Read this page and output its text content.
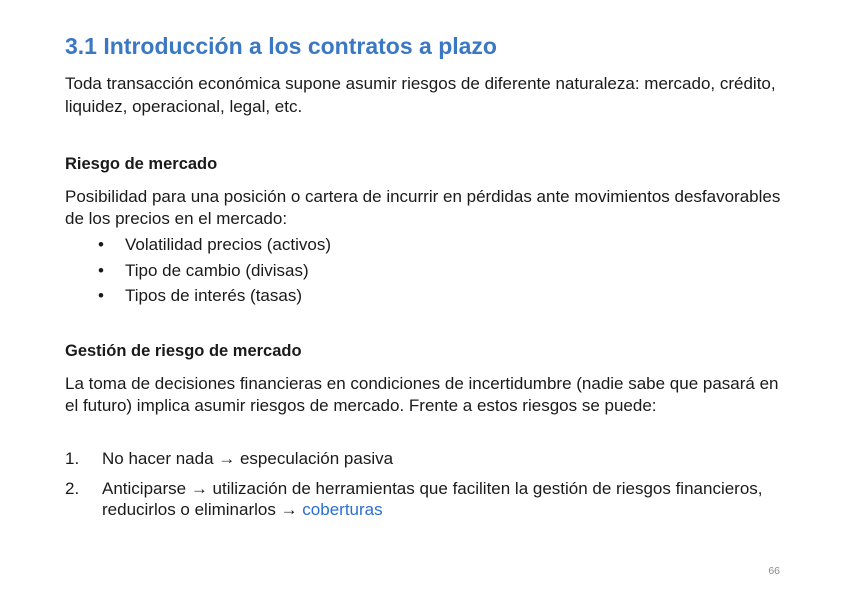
3.1 Introducción a los contratos a plazo
Toda transacción económica supone asumir riesgos de diferente naturaleza: mercado, crédito, liquidez, operacional, legal, etc.
Riesgo de mercado
Posibilidad para una posición o cartera de incurrir en pérdidas ante movimientos desfavorables de los precios en el mercado:
• Volatilidad precios (activos)
• Tipo de cambio (divisas)
• Tipos de interés (tasas)
Gestión de riesgo de mercado
La toma de decisiones financieras en condiciones de incertidumbre (nadie sabe que pasará en el futuro) implica asumir riesgos de mercado. Frente a estos riesgos se puede:
1. No hacer nada → especulación pasiva
2. Anticiparse → utilización de herramientas que faciliten la gestión de riesgos financieros, reducirlos o eliminarlos → coberturas
66
